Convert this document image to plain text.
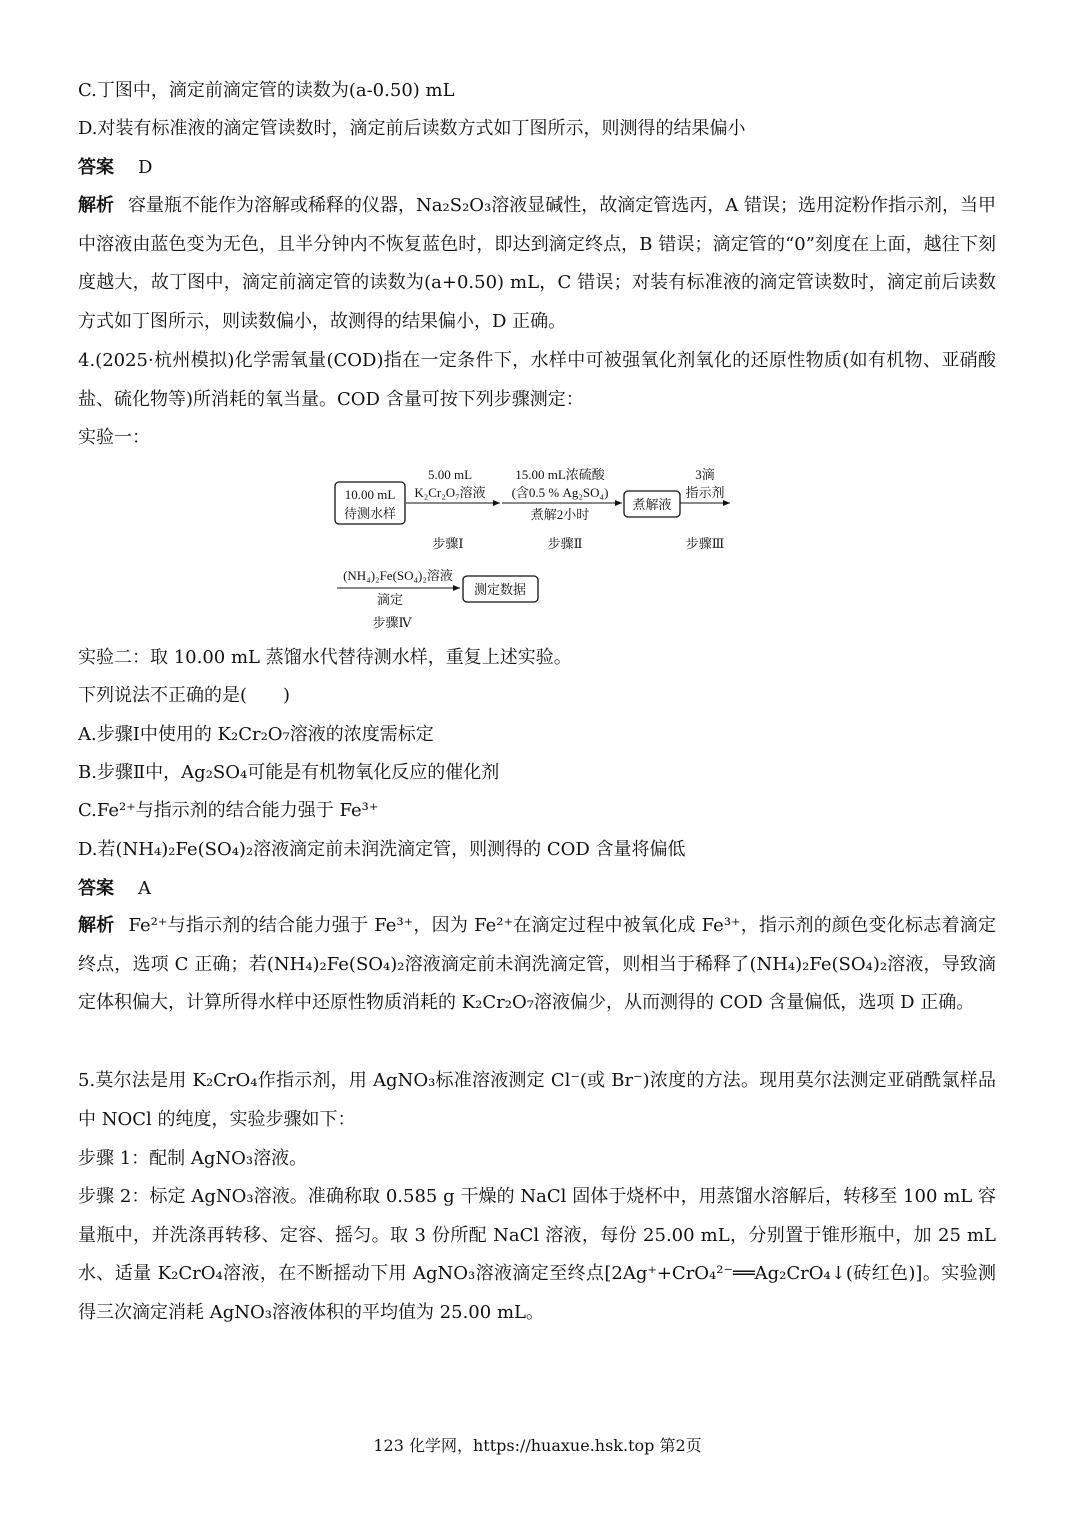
C.丁图中，滴定前滴定管的读数为(a-0.50) mL
D.对装有标准液的滴定管读数时，滴定前后读数方式如丁图所示，则测得的结果偏小
答案 D
解析 容量瓶不能作为溶解或稀释的仪器，Na₂S₂O₃溶液显碱性，故滴定管选丙，A 错误；选用淀粉作指示剂，当甲中溶液由蓝色变为无色，且半分钟内不恢复蓝色时，即达到滴定终点，B 错误；滴定管的“0”刻度在上面，越往下刻度越大，故丁图中，滴定前滴定管的读数为(a+0.50) mL，C 错误；对装有标准液的滴定管读数时，滴定前后读数方式如丁图所示，则读数偏小，故测得的结果偏小，D 正确。
4.(2025·杭州模拟)化学需氧量(COD)指在一定条件下，水样中可被强氧化剂氧化的还原性物质(如有机物、亚硝酸盐、硫化物等)所消耗的氧当量。COD 含量可按下列步骤测定：
实验一：
10.00 mL
待测水样
5.00 mL
K₂Cr₂O₇溶液
15.00 mL浓硫酸
(含0.5 % Ag₂SO₄)
煮解2小时
煮解液
3滴
指示剂
步骤Ⅰ	步骤Ⅱ	步骤Ⅲ
(NH₄)₂Fe(SO₄)₂溶液
滴定
测定数据
步骤Ⅳ
实验二：取 10.00 mL 蒸馏水代替待测水样，重复上述实验。
下列说法不正确的是(　　)
A.步骤Ⅰ中使用的 K₂Cr₂O₇溶液的浓度需标定
B.步骤Ⅱ中，Ag₂SO₄可能是有机物氧化反应的催化剂
C.Fe²⁺与指示剂的结合能力强于 Fe³⁺
D.若(NH₄)₂Fe(SO₄)₂溶液滴定前未润洗滴定管，则测得的 COD 含量将偏低
答案 A
解析 Fe²⁺与指示剂的结合能力强于 Fe³⁺，因为 Fe²⁺在滴定过程中被氧化成 Fe³⁺，指示剂的颜色变化标志着滴定终点，选项 C 正确；若(NH₄)₂Fe(SO₄)₂溶液滴定前未润洗滴定管，则相当于稀释了(NH₄)₂Fe(SO₄)₂溶液，导致滴定体积偏大，计算所得水样中还原性物质消耗的 K₂Cr₂O₇溶液偏少，从而测得的 COD 含量偏低，选项 D 正确。
5.莫尔法是用 K₂CrO₄作指示剂，用 AgNO₃标准溶液测定 Cl⁻(或 Br⁻)浓度的方法。现用莫尔法测定亚硝酰氯样品中 NOCl 的纯度，实验步骤如下：
步骤 1：配制 AgNO₃溶液。
步骤 2：标定 AgNO₃溶液。准确称取 0.585 g 干燥的 NaCl 固体于烧杯中，用蒸馏水溶解后，转移至 100 mL 容量瓶中，并洗涤再转移、定容、摇匀。取 3 份所配 NaCl 溶液，每份 25.00 mL，分别置于锥形瓶中，加 25 mL 水、适量 K₂CrO₄溶液，在不断摇动下用 AgNO₃溶液滴定至终点[2Ag⁺+CrO₄²⁻══Ag₂CrO₄↓(砖红色)]。实验测得三次滴定消耗 AgNO₃溶液体积的平均值为 25.00 mL。
123 化学网，https://huaxue.hsk.top 第2页
